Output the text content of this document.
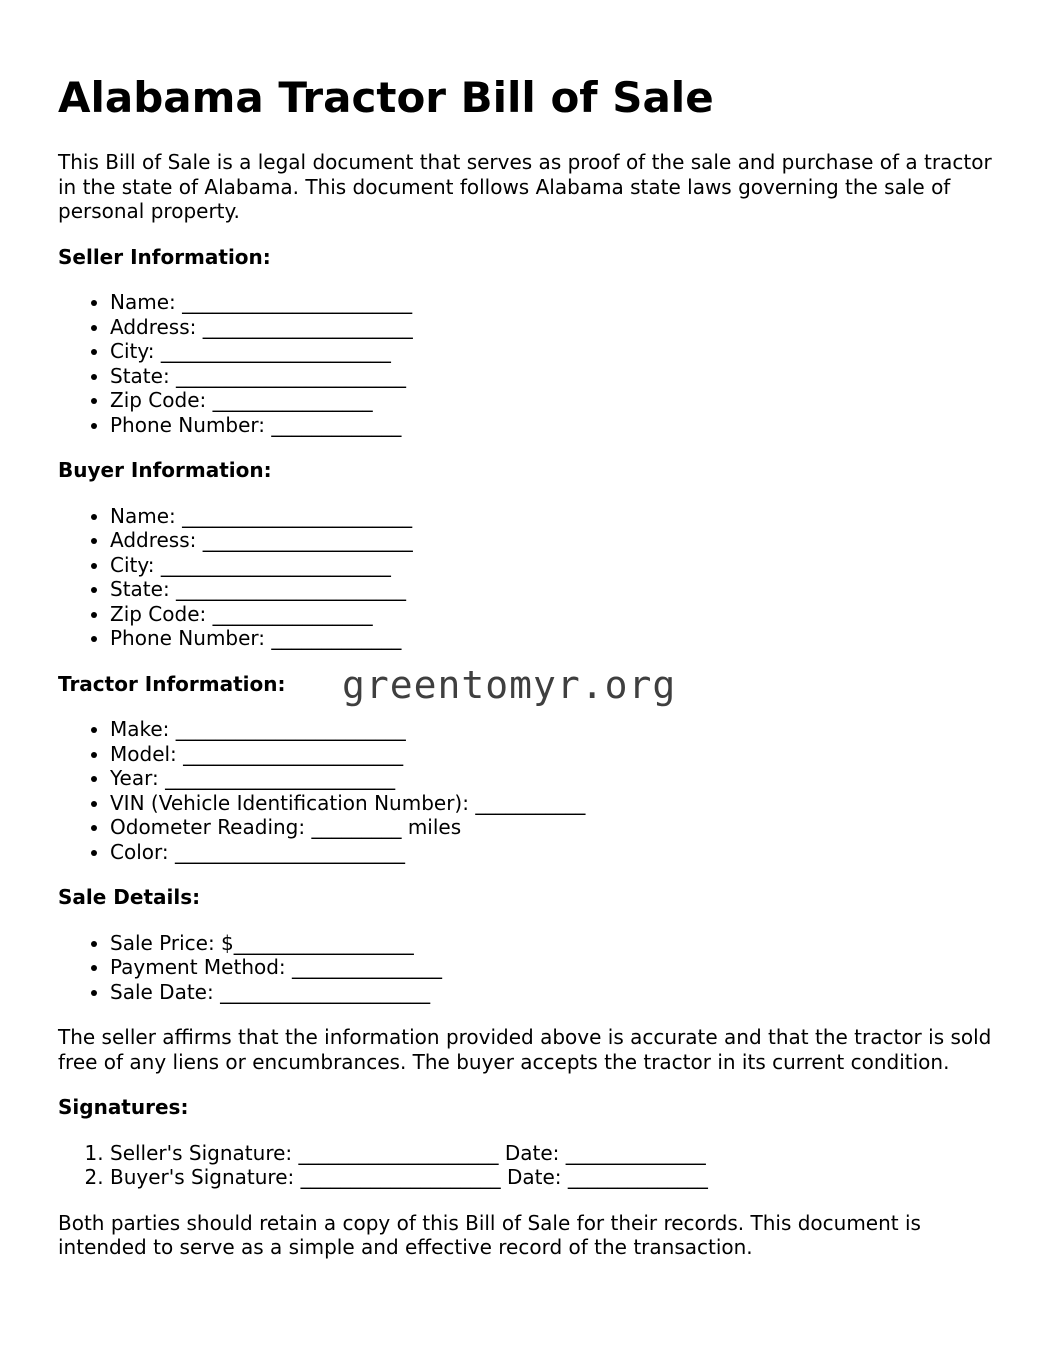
Alabama Tractor Bill of Sale

This Bill of Sale is a legal document that serves as proof of the sale and purchase of a tractor in the state of Alabama. This document follows Alabama state laws governing the sale of personal property.

Seller Information:
• Name: _______________________
• Address: _____________________
• City: _______________________
• State: _______________________
• Zip Code: ________________
• Phone Number: _____________
Buyer Information:
• Name: _______________________
• Address: _____________________
• City: _______________________
• State: _______________________
• Zip Code: ________________
• Phone Number: _____________
Tractor Information:
• Make: _______________________
• Model: ______________________
• Year: _______________________
• VIN (Vehicle Identification Number): ___________
• Odometer Reading: _________ miles
• Color: _______________________
Sale Details:
• Sale Price: $__________________
• Payment Method: _______________
• Sale Date: _____________________

The seller affirms that the information provided above is accurate and that the tractor is sold free of any liens or encumbrances. The buyer accepts the tractor in its current condition.

Signatures:
1. Seller's Signature: ____________________ Date: ______________
2. Buyer's Signature: ____________________ Date: ______________

Both parties should retain a copy of this Bill of Sale for their records. This document is intended to serve as a simple and effective record of the transaction.

greentomyr.org
